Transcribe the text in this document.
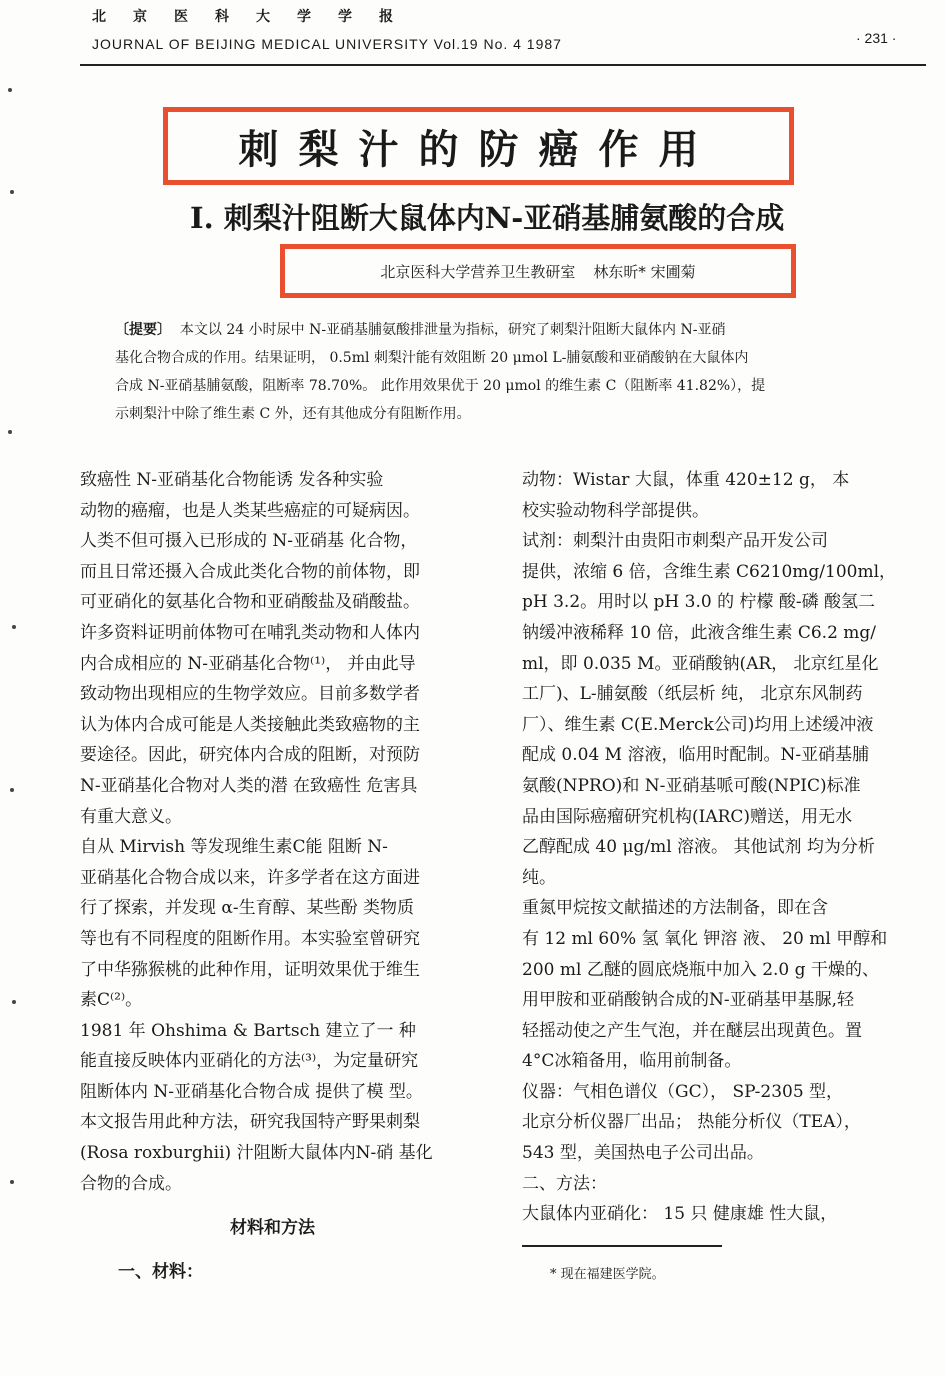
北京医科大学学报
JOURNAL OF BEIJING MEDICAL UNIVERSITY Vol.19 No. 4 1987	· 231 ·
刺梨汁的防癌作用
I. 刺梨汁阻断大鼠体内N-亚硝基脯氨酸的合成
北京医科大学营养卫生教研室 林东昕* 宋圃菊

〔提要〕 本文以 24 小时尿中 N-亚硝基脯氨酸排泄量为指标，研究了刺梨汁阻断大鼠体内 N-亚硝

基化合物合成的作用。结果证明， 0.5ml 刺梨汁能有效阻断 20 μmol L-脯氨酸和亚硝酸钠在大鼠体内

合成 N-亚硝基脯氨酸，阻断率 78.70%。 此作用效果优于 20 μmol 的维生素 C（阻断率 41.82%），提

示刺梨汁中除了维生素 C 外，还有其他成分有阻断作用。

致癌性 N-亚硝基化合物能诱 发各种实验

动物的癌瘤，也是人类某些癌症的可疑病因。

人类不但可摄入已形成的 N-亚硝基 化合物，

而且日常还摄入合成此类化合物的前体物，即

可亚硝化的氨基化合物和亚硝酸盐及硝酸盐。

许多资料证明前体物可在哺乳类动物和人体内

内合成相应的 N-亚硝基化合物⁽¹⁾， 并由此导

致动物出现相应的生物学效应。目前多数学者

认为体内合成可能是人类接触此类致癌物的主

要途径。因此，研究体内合成的阻断，对预防

N-亚硝基化合物对人类的潜 在致癌性 危害具

有重大意义。

自从 Mirvish 等发现维生素C能 阻断 N-

亚硝基化合物合成以来，许多学者在这方面进

行了探索，并发现 α-生育醇、某些酚 类物质

等也有不同程度的阻断作用。本实验室曾研究

了中华猕猴桃的此种作用，证明效果优于维生

素C⁽²⁾。

1981 年 Ohshima & Bartsch 建立了一 种

能直接反映体内亚硝化的方法⁽³⁾，为定量研究

阻断体内 N-亚硝基化合物合成 提供了模 型。

本文报告用此种方法，研究我国特产野果刺梨

(Rosa roxburghii) 汁阻断大鼠体内N-硝 基化

合物的合成。

动物：Wistar 大鼠，体重 420±12 g， 本

校实验动物科学部提供。

试剂：刺梨汁由贵阳市刺梨产品开发公司

提供，浓缩 6 倍，含维生素 C6210mg/100ml，

pH 3.2。用时以 pH 3.0 的 柠檬 酸-磷 酸氢二

钠缓冲液稀释 10 倍，此液含维生素 C6.2 mg/

ml，即 0.035 M。亚硝酸钠(AR， 北京红星化

工厂)、L-脯氨酸（纸层析 纯， 北京东风制药

厂）、维生素 C(E.Merck公司)均用上述缓冲液

配成 0.04 M 溶液，临用时配制。N-亚硝基脯

氨酸(NPRO)和 N-亚硝基哌可酸(NPIC)标准

品由国际癌瘤研究机构(IARC)赠送，用无水

乙醇配成 40 μg/ml 溶液。 其他试剂 均为分析

纯。

重氮甲烷按文献描述的方法制备，即在含

有 12 ml 60% 氢 氧化 钾溶 液、 20 ml 甲醇和

200 ml 乙醚的圆底烧瓶中加入 2.0 g 干燥的、

用甲胺和亚硝酸钠合成的N-亚硝基甲基脲,轻

轻摇动使之产生气泡，并在醚层出现黄色。置

4°C冰箱备用，临用前制备。

仪器：气相色谱仪（GC）， SP-2305 型，

北京分析仪器厂出品； 热能分析仪（TEA），

543 型，美国热电子公司出品。

二、方法：

大鼠体内亚硝化： 15 只 健康雄 性大鼠，

材料和方法
一、材料：	* 现在福建医学院。
